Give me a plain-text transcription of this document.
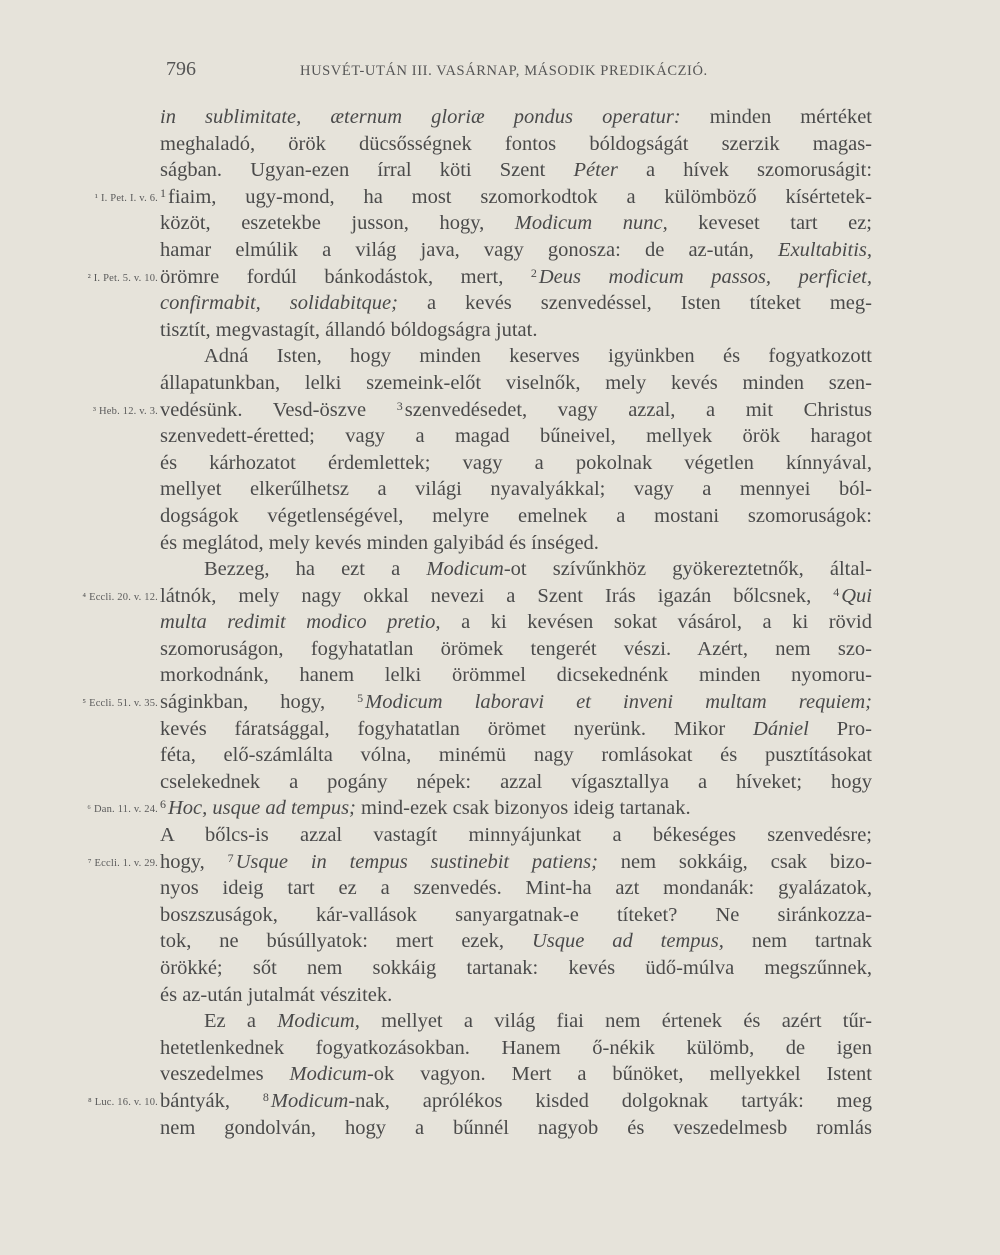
796	HUSVÉT-UTÁN III. VASÁRNAP, MÁSODIK PREDIKÁCZIÓ.
in sublimitate, æternum gloriæ pondus operatur: minden mértéket
meghaladó, örök dücsősségnek fontos bóldogságát szerzik magas-
ságban. Ugyan-ezen írral köti Szent Péter a hívek szomoruságit:
¹ I. Pet. I. v. 6. $^1$fiaim, ugy-mond, ha most szomorkodtok a külömböző kísértetek-
közöt, eszetekbe jusson, hogy, Modicum nunc, keveset tart ez;
hamar elmúlik a világ java, vagy gonosza: de az-után, Exultabitis,
² I. Pet. 5. v. 10. örömre fordúl bánkodástok, mert, $^2$Deus modicum passos, perficiet,
confirmabit, solidabitque; a kevés szenvedéssel, Isten títeket meg-
tisztít, megvastagít, állandó bóldogságra jutat.
Adná Isten, hogy minden keserves igyünkben és fogyatkozott
állapatunkban, lelki szemeink-előt viselnők, mely kevés minden szen-
³ Heb. 12. v. 3. vedésünk. Vesd-öszve $^3$szenvedésedet, vagy azzal, a mit Christus
szenvedett-éretted; vagy a magad bűneivel, mellyek örök haragot
és kárhozatot érdemlettek; vagy a pokolnak végetlen kínnyával,
mellyet elkerűlhetsz a világi nyavalyákkal; vagy a mennyei ból-
dogságok végetlenségével, melyre emelnek a mostani szomoruságok:
és meglátod, mely kevés minden galyibád és ínséged.
Bezzeg, ha ezt a Modicum-ot szívűnkhöz gyökereztetnők, által-
⁴ Eccli. 20. v. 12. látnók, mely nagy okkal nevezi a Szent Irás igazán bőlcsnek, $^4$Qui
multa redimit modico pretio, a ki kevésen sokat vásárol, a ki rövid
szomoruságon, fogyhatatlan örömek tengerét vészi. Azért, nem szo-
morkodnánk, hanem lelki örömmel dicsekednénk minden nyomoru-
⁵ Eccli. 51. v. 35. ságinkban, hogy, $^5$Modicum laboravi et inveni multam requiem;
kevés fáratsággal, fogyhatatlan örömet nyerünk. Mikor Dániel Pro-
féta, elő-számlálta vólna, minémü nagy romlásokat és pusztításokat
cselekednek a pogány népek: azzal vígasztallya a híveket; hogy
⁶ Dan. 11. v. 24. $^6$Hoc, usque ad tempus; mind-ezek csak bizonyos ideig tartanak.
A bőlcs-is azzal vastagít minnyájunkat a békeséges szenvedésre;
⁷ Eccli. 1. v. 29. hogy, $^7$Usque in tempus sustinebit patiens; nem sokkáig, csak bizo-
nyos ideig tart ez a szenvedés. Mint-ha azt mondanák: gyalázatok,
boszszuságok, kár-vallások sanyargatnak-e títeket? Ne sіránkozza-
tok, ne búsúllyatok: mert ezek, Usque ad tempus, nem tartnak
örökké; sőt nem sokkáig tartanak: kevés üdő-múlva megszűnnek,
és az-után jutalmát vészitek.
Ez a Modicum, mellyet a világ fiai nem értenek és azért tűr-
hetetlenkednek fogyatkozásokban. Hanem ő-nékik külömb, de igen
veszedelmes Modicum-ok vagyon. Mert a bűnöket, mellyekkel Istent
⁸ Luc. 16. v. 10. bántyák, $^8$Modicum-nak, aprólékos kisded dolgoknak tartyák: meg
nem gondolván, hogy a bűnnél nagyob és veszedelmesb romlás
